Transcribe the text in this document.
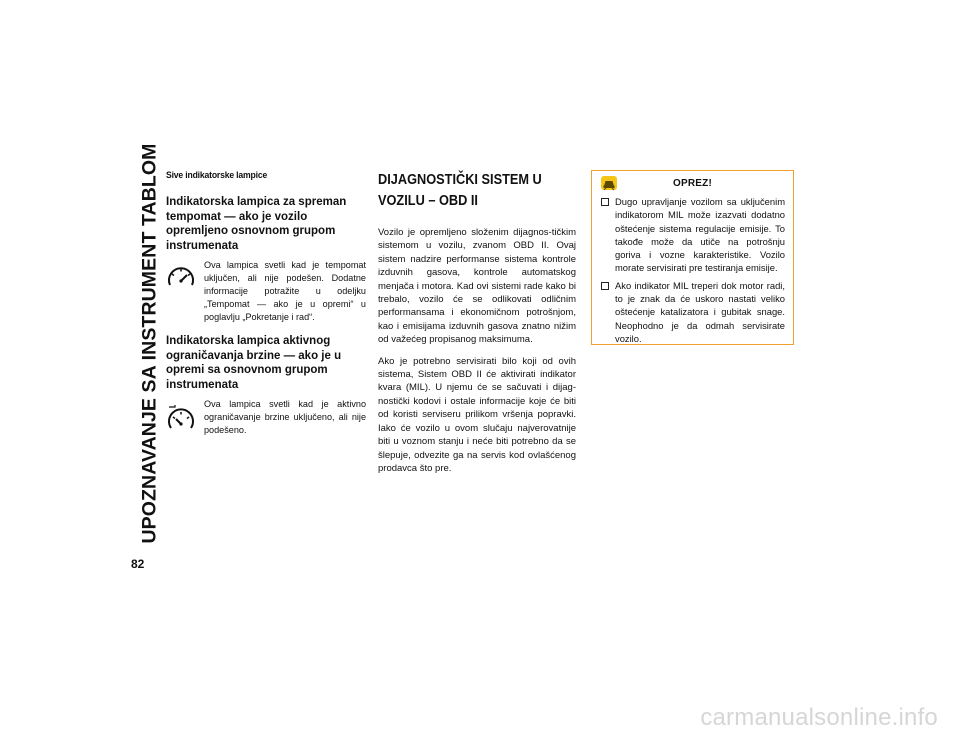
UPOZNAVANJE SA INSTRUMENT TABLOM
82
Sive indikatorske lampice
Indikatorska lampica za spreman tempomat — ako je vozilo opremljeno osnovnom grupom instrumenata
Ova lampica svetli kad je tempomat uključen, ali nije podešen. Dodatne informacije potražite u odeljku „Tempomat — ako je u opremi“ u poglavlju „Pokretanje i rad“.
Indikatorska lampica aktivnog ograničavanja brzine — ako je u opremi sa osnovnom grupom instrumenata
Ova lampica svetli kad je aktivno ograničavanje brzine uključeno, ali nije podešeno.
DIJAGNOSTIČKI SISTEM U VOZILU – OBD II

Vozilo je opremljeno složenim dijagnos-tičkim sistemom u vozilu, zvanom OBD II. Ovaj sistem nadzire performanse sistema kontrole izduvnih gasova, kontrole automatskog menjača i motora. Kad ovi sistemi rade kako bi trebalo, vozilo će se odlikovati odličnim performansama i ekonomičnom potrošnjom, kao i emisijama izduvnih gasova znatno nižim od važećeg propisanog maksimuma.

Ako je potrebno servisirati bilo koji od ovih sistema, Sistem OBD II će aktivirati indikator kvara (MIL). U njemu će se sačuvati i dijag-nostički kodovi i ostale informacije koje će biti od koristi serviseru prilikom vršenja popravki. Iako će vozilo u ovom slučaju najverovatnije biti u voznom stanju i neće biti potrebno da se šlepuje, odvezite ga na servis kod ovlašćenog prodavca što pre.

OPREZ!
Dugo upravljanje vozilom sa uključenim indikatorom MIL može izazvati dodatno oštećenje sistema regulacije emisije. To takođe može da utiče na potrošnju goriva i vozne karakteristike. Vozilo morate servisirati pre testiranja emisije.
Ako indikator MIL treperi dok motor radi, to je znak da će uskoro nastati veliko oštećenje katalizatora i gubitak snage. Neophodno je da odmah servisirate vozilo.
carmanualsonline.info
